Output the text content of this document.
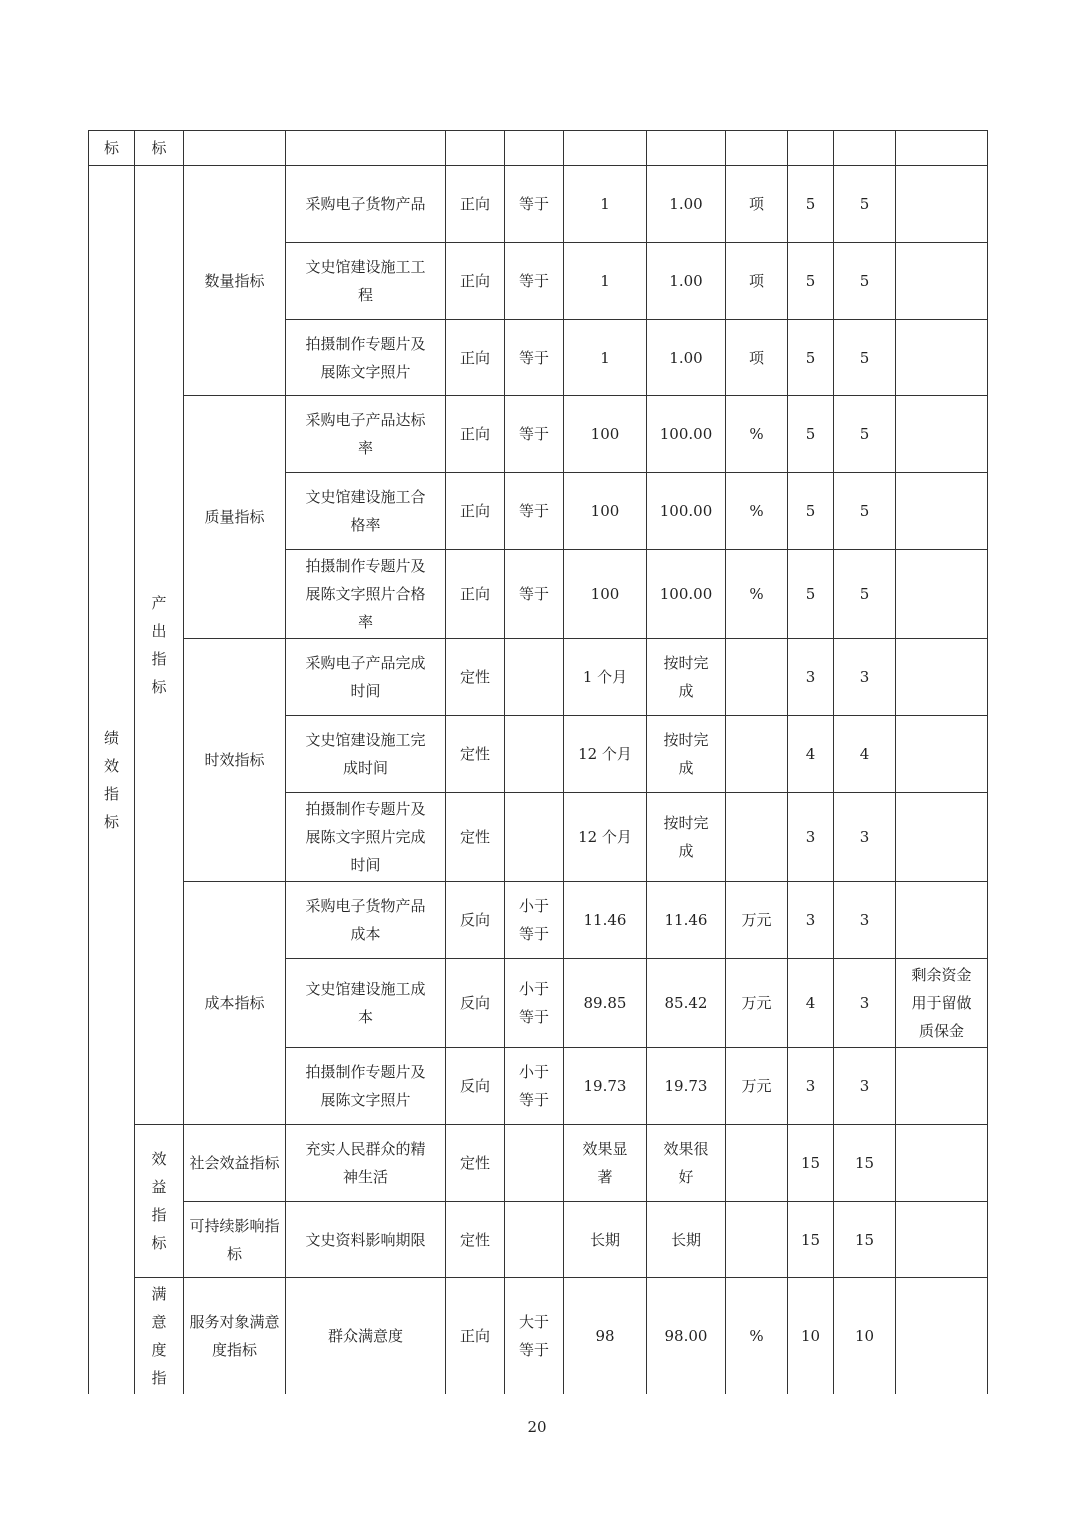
标	标										
绩效指标	产出指标	数量指标	采购电子货物产品	正向	等于	1	1.00	项	5	5	
			文史馆建设施工工程	正向	等于	1	1.00	项	5	5	
			拍摄制作专题片及展陈文字照片	正向	等于	1	1.00	项	5	5	
		质量指标	采购电子产品达标率	正向	等于	100	100.00	%	5	5	
			文史馆建设施工合格率	正向	等于	100	100.00	%	5	5	
			拍摄制作专题片及展陈文字照片合格率	正向	等于	100	100.00	%	5	5	
		时效指标	采购电子产品完成时间	定性		1 个月	按时完成		3	3	
			文史馆建设施工完成时间	定性		12 个月	按时完成		4	4	
			拍摄制作专题片及展陈文字照片完成时间	定性		12 个月	按时完成		3	3	
		成本指标	采购电子货物产品成本	反向	小于等于	11.46	11.46	万元	3	3	
			文史馆建设施工成本	反向	小于等于	89.85	85.42	万元	4	3	剩余资金用于留做质保金
			拍摄制作专题片及展陈文字照片	反向	小于等于	19.73	19.73	万元	3	3	
	效益指标	社会效益指标	充实人民群众的精神生活	定性		效果显著	效果很好		15	15	
		可持续影响指标	文史资料影响期限	定性		长期	长期		15	15	
	满意度指	服务对象满意度指标	群众满意度	正向	大于等于	98	98.00	%	10	10	
20
